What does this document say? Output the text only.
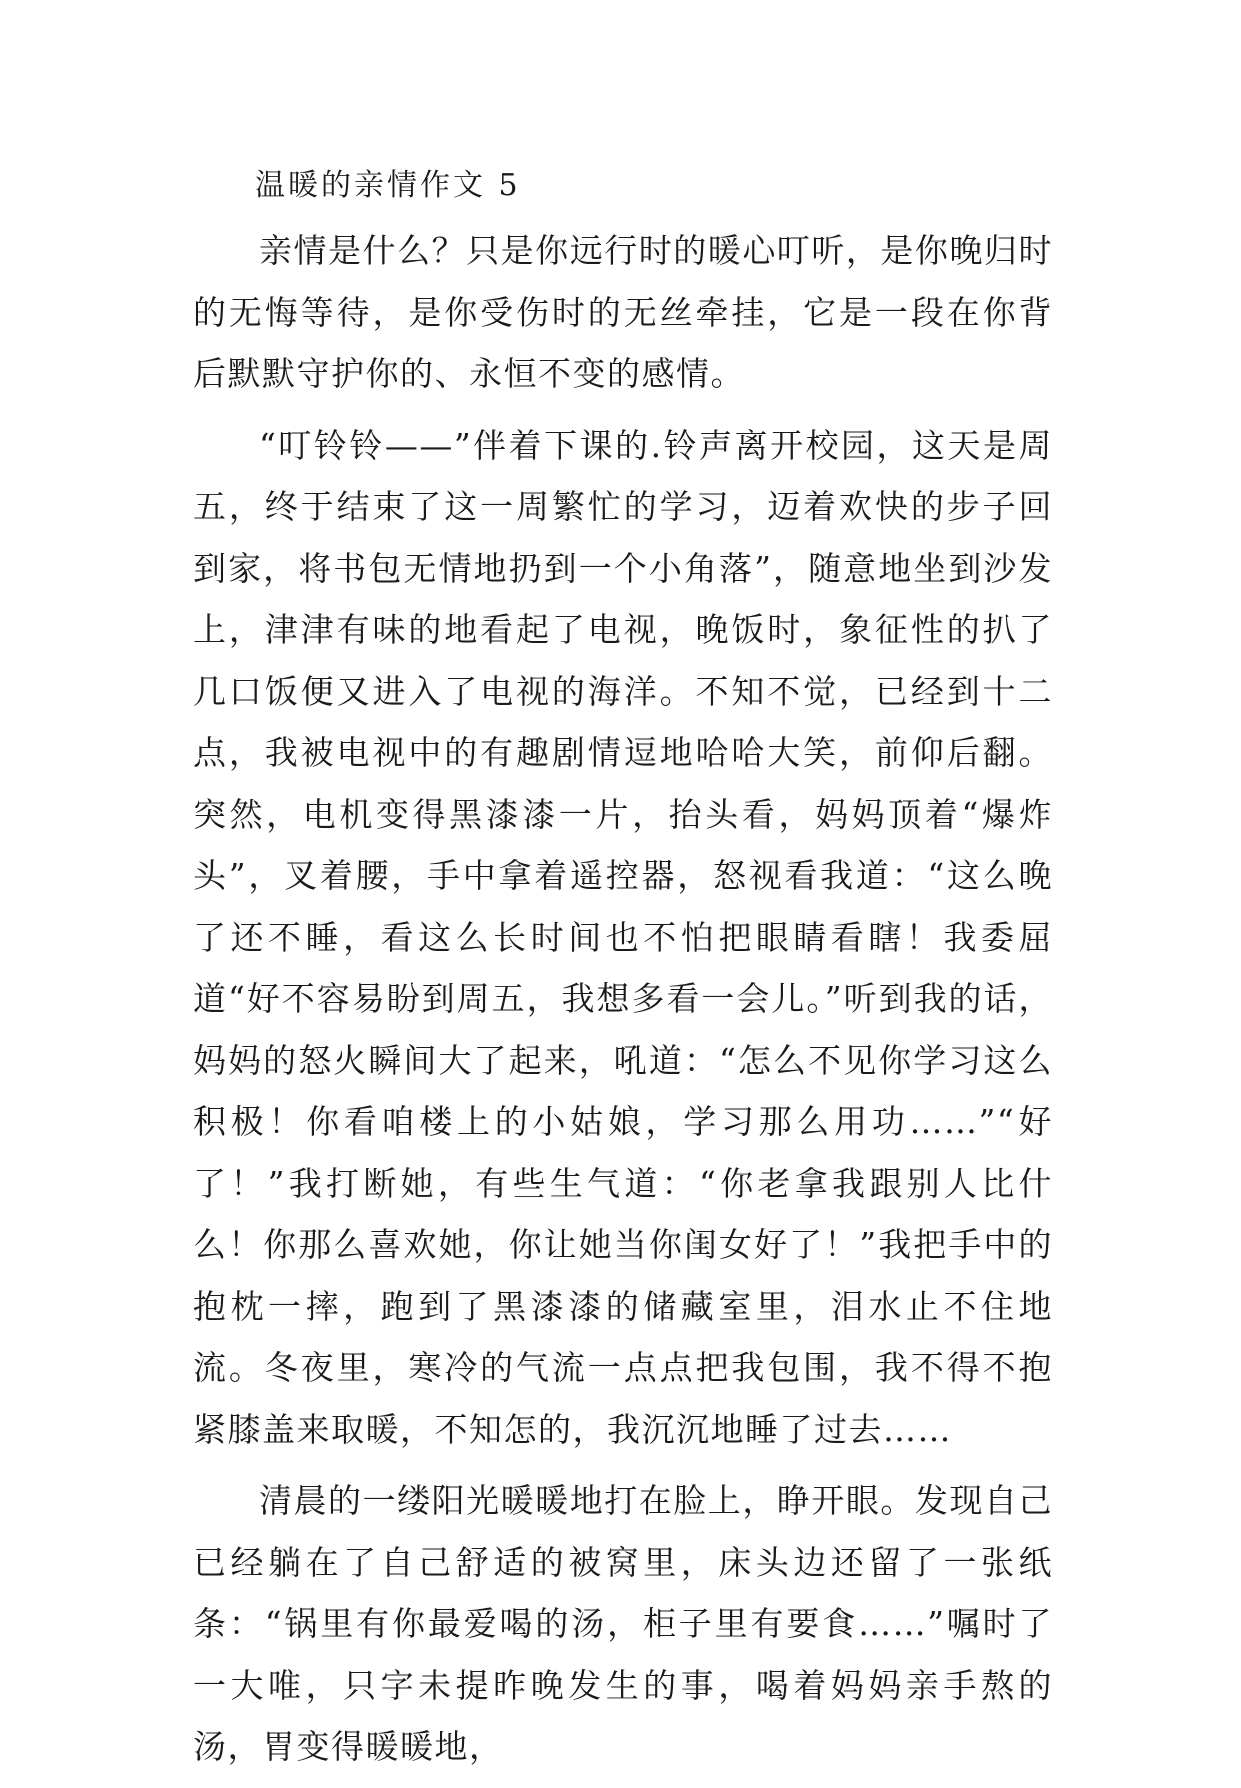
温暖的亲情作文 5

亲情是什么？只是你远行时的暖心叮听，是你晚归时的无悔等待，是你受伤时的无丝牵挂，它是一段在你背后默默守护你的、永恒不变的感情。

“叮铃铃——”伴着下课的.铃声离开校园，这天是周五，终于结束了这一周繁忙的学习，迈着欢快的步子回到家，将书包无情地扔到一个小角落”，随意地坐到沙发上，津津有味的地看起了电视，晚饭时，象征性的扒了几口饭便又进入了电视的海洋。不知不觉，已经到十二点，我被电视中的有趣剧情逗地哈哈大笑，前仰后翻。突然，电机变得黑漆漆一片，抬头看，妈妈顶着“爆炸头”，叉着腰，手中拿着遥控器，怒视看我道：“这么晚了还不睡，看这么长时间也不怕把眼睛看瞎！我委屈道“好不容易盼到周五，我想多看一会儿。”听到我的话，妈妈的怒火瞬间大了起来，吼道：“怎么不见你学习这么积极！你看咱楼上的小姑娘，学习那么用功……”“好了！”我打断她，有些生气道：“你老拿我跟别人比什么！你那么喜欢她，你让她当你闺女好了！”我把手中的抱枕一摔，跑到了黑漆漆的储藏室里，泪水止不住地流。冬夜里，寒冷的气流一点点把我包围，我不得不抱紧膝盖来取暖，不知怎的，我沉沉地睡了过去……

清晨的一缕阳光暖暖地打在脸上，睁开眼。发现自己已经躺在了自己舒适的被窝里，床头边还留了一张纸条：“锅里有你最爱喝的汤，柜子里有要食……”嘱时了一大唯，只字未提昨晚发生的事，喝着妈妈亲手熬的汤，胃变得暖暖地，
